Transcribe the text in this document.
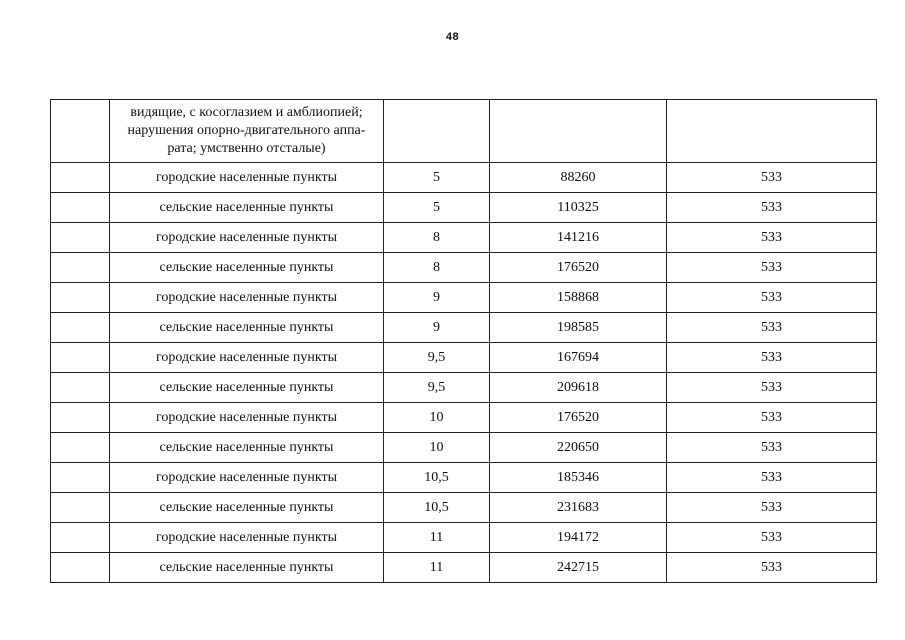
48

	видящие, с косоглазием и амблиопией;
нарушения опорно-двигательного аппа-
рата; умственно отсталые)			

	городские населенные пункты	5	88260	533
	сельские населенные пункты	5	110325	533
	городские населенные пункты	8	141216	533
	сельские населенные пункты	8	176520	533
	городские населенные пункты	9	158868	533
	сельские населенные пункты	9	198585	533
	городские населенные пункты	9,5	167694	533
	сельские населенные пункты	9,5	209618	533
	городские населенные пункты	10	176520	533
	сельские населенные пункты	10	220650	533
	городские населенные пункты	10,5	185346	533
	сельские населенные пункты	10,5	231683	533
	городские населенные пункты	11	194172	533
	сельские населенные пункты	11	242715	533
